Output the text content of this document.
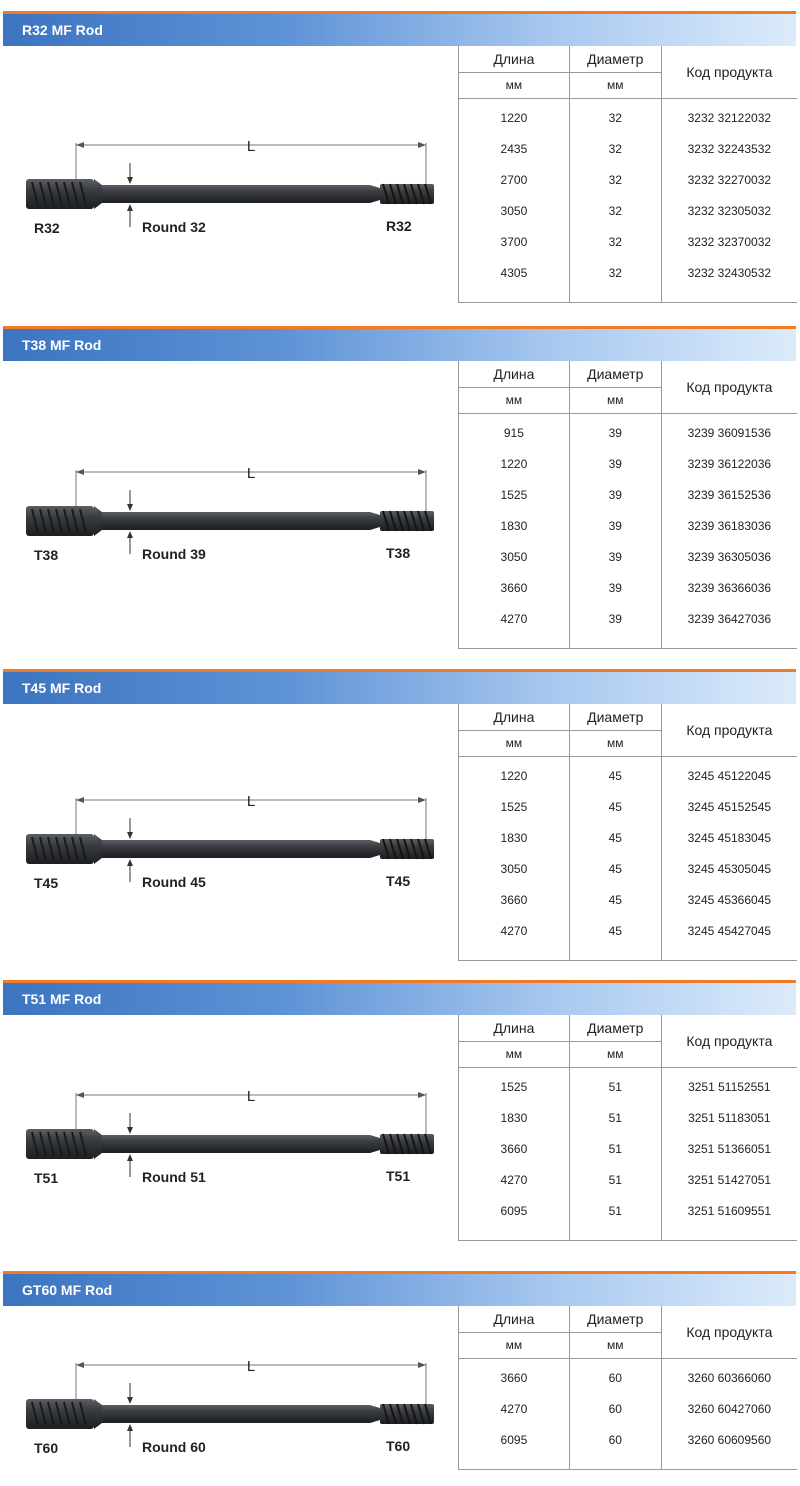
R32 MF Rod
L
R32	R32
Round 32
Длина	Диаметр	Код продукта
мм	мм	

1220	32	3232 32122032
2435	32	3232 32243532
2700	32	3232 32270032
3050	32	3232 32305032
3700	32	3232 32370032
4305	32	3232 32430532

T38 MF Rod
L
T38	T38
Round 39
Длина	Диаметр	Код продукта
мм	мм	

915	39	3239 36091536
1220	39	3239 36122036
1525	39	3239 36152536
1830	39	3239 36183036
3050	39	3239 36305036
3660	39	3239 36366036
4270	39	3239 36427036

T45 MF Rod
L
T45	T45
Round 45
Длина	Диаметр	Код продукта
мм	мм	

1220	45	3245 45122045
1525	45	3245 45152545
1830	45	3245 45183045
3050	45	3245 45305045
3660	45	3245 45366045
4270	45	3245 45427045

T51 MF Rod
L
T51	T51
Round 51
Длина	Диаметр	Код продукта
мм	мм	

1525	51	3251 51152551
1830	51	3251 51183051
3660	51	3251 51366051
4270	51	3251 51427051
6095	51	3251 51609551

GT60 MF Rod
L
T60	T60
Round 60
Длина	Диаметр	Код продукта
мм	мм	

3660	60	3260 60366060
4270	60	3260 60427060
6095	60	3260 60609560
